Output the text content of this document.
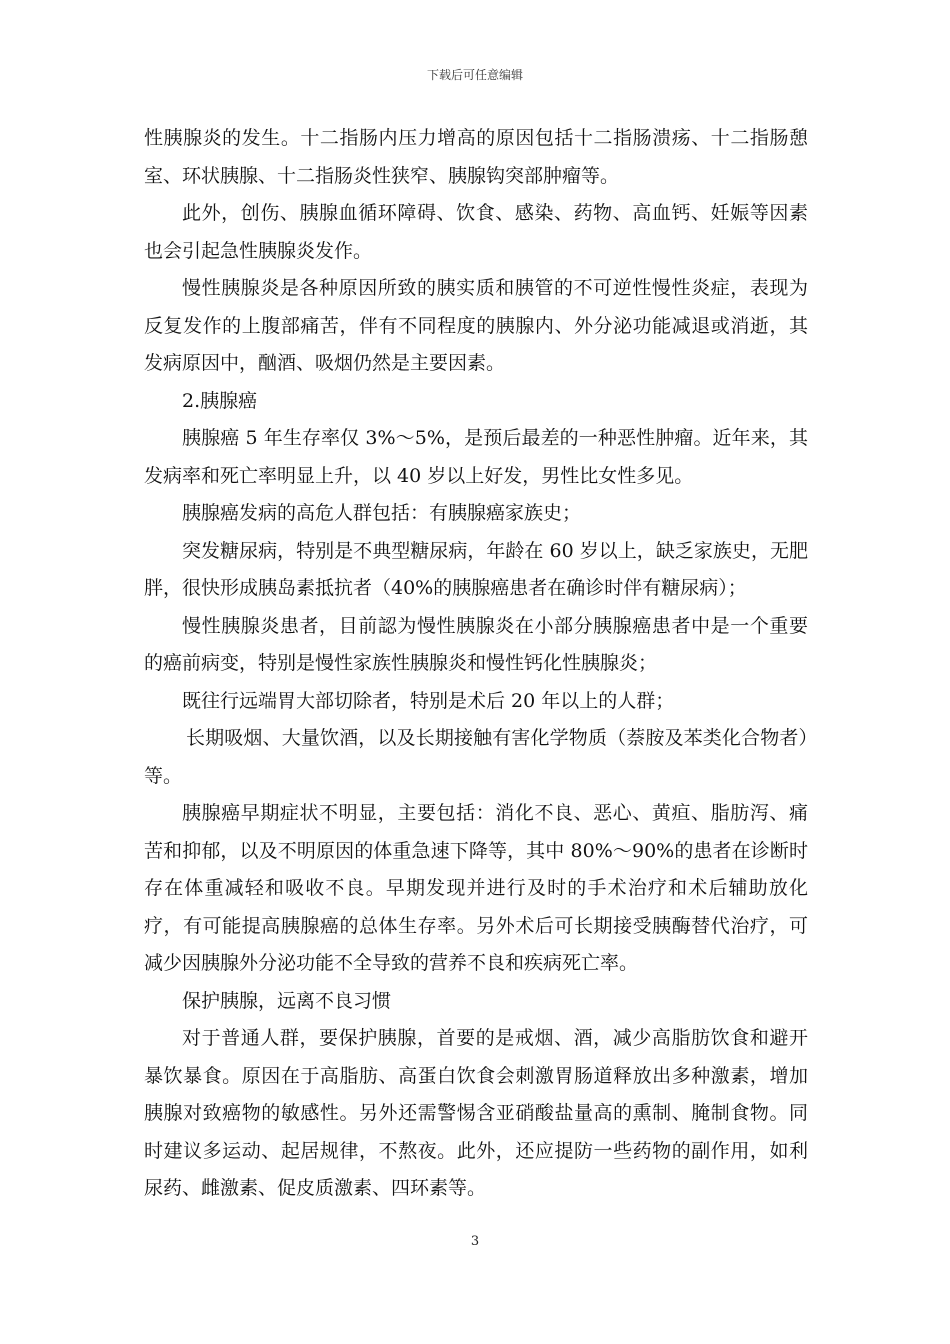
下载后可任意编辑

性胰腺炎的发生。十二指肠内压力增高的原因包括十二指肠溃疡、十二指肠憩室、环状胰腺、十二指肠炎性狭窄、胰腺钩突部肿瘤等。

此外，创伤、胰腺血循环障碍、饮食、感染、药物、高血钙、妊娠等因素也会引起急性胰腺炎发作。

慢性胰腺炎是各种原因所致的胰实质和胰管的不可逆性慢性炎症，表现为反复发作的上腹部痛苦，伴有不同程度的胰腺内、外分泌功能减退或消逝，其发病原因中，酗酒、吸烟仍然是主要因素。

2.胰腺癌

胰腺癌 5 年生存率仅 3%～5%，是预后最差的一种恶性肿瘤。近年来，其发病率和死亡率明显上升，以 40 岁以上好发，男性比女性多见。

胰腺癌发病的高危人群包括：有胰腺癌家族史；

突发糖尿病，特别是不典型糖尿病，年龄在 60 岁以上，缺乏家族史，无肥胖，很快形成胰岛素抵抗者（40%的胰腺癌患者在确诊时伴有糖尿病）；

慢性胰腺炎患者，目前認为慢性胰腺炎在小部分胰腺癌患者中是一个重要的癌前病变，特别是慢性家族性胰腺炎和慢性钙化性胰腺炎；

既往行远端胃大部切除者，特别是术后 20 年以上的人群；

长期吸烟、大量饮酒，以及长期接触有害化学物质（萘胺及苯类化合物者）等。

胰腺癌早期症状不明显，主要包括：消化不良、恶心、黄疸、脂肪泻、痛苦和抑郁，以及不明原因的体重急速下降等，其中 80%～90%的患者在诊断时存在体重减轻和吸收不良。早期发现并进行及时的手术治疗和术后辅助放化疗，有可能提高胰腺癌的总体生存率。另外术后可长期接受胰酶替代治疗，可减少因胰腺外分泌功能不全导致的营养不良和疾病死亡率。

保护胰腺，远离不良习惯

对于普通人群，要保护胰腺，首要的是戒烟、酒，减少高脂肪饮食和避开暴饮暴食。原因在于高脂肪、高蛋白饮食会刺激胃肠道释放出多种激素，增加胰腺对致癌物的敏感性。另外还需警惕含亚硝酸盐量高的熏制、腌制食物。同时建议多运动、起居规律，不熬夜。此外，还应提防一些药物的副作用，如利尿药、雌激素、促皮质激素、四环素等。

3
